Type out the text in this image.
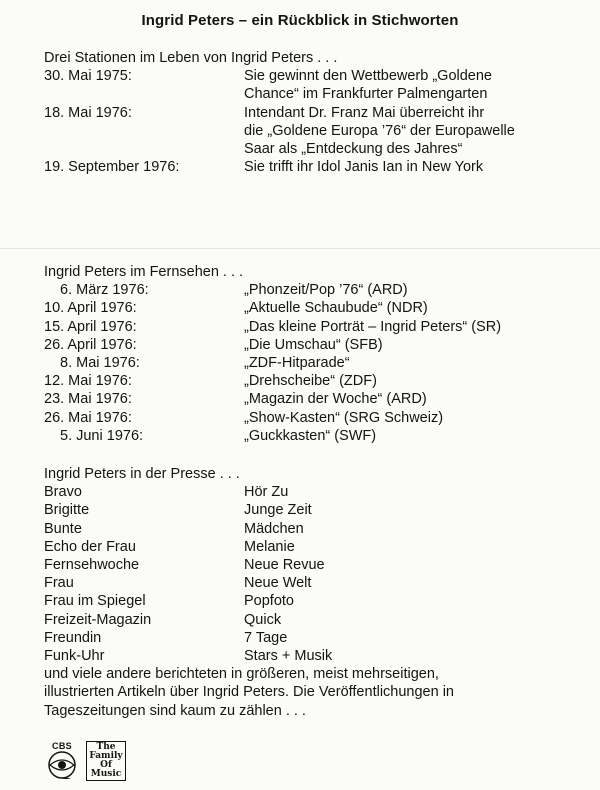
Ingrid Peters – ein Rückblick in Stichworten
Drei Stationen im Leben von Ingrid Peters . . .
30. Mai 1975:	Sie gewinnt den Wettbewerb „Goldene
Chance“ im Frankfurter Palmengarten
18. Mai 1976:	Intendant Dr. Franz Mai überreicht ihr
die „Goldene Europa ’76“ der Europawelle
Saar als „Entdeckung des Jahres“
19. September 1976:	Sie trifft ihr Idol Janis Ian in New York
Ingrid Peters im Fernsehen . . .
6. März 1976:	„Phonzeit/Pop ’76“ (ARD)
10. April 1976:	„Aktuelle Schaubude“ (NDR)
15. April 1976:	„Das kleine Porträt – Ingrid Peters“ (SR)
26. April 1976:	„Die Umschau“ (SFB)
8. Mai 1976:	„ZDF-Hitparade“
12. Mai 1976:	„Drehscheibe“ (ZDF)
23. Mai 1976:	„Magazin der Woche“ (ARD)
26. Mai 1976:	„Show-Kasten“ (SRG Schweiz)
5. Juni 1976:	„Guckkasten“ (SWF)
Ingrid Peters in der Presse . . .
Bravo	Hör Zu
Brigitte	Junge Zeit
Bunte	Mädchen
Echo der Frau	Melanie
Fernsehwoche	Neue Revue
Frau	Neue Welt
Frau im Spiegel	Popfoto
Freizeit-Magazin	Quick
Freundin	7 Tage
Funk-Uhr	Stars + Musik
und viele andere berichteten in größeren, meist mehrseitigen,
illustrierten Artikeln über Ingrid Peters. Die Veröffentlichungen in
Tageszeitungen sind kaum zu zählen . . .
CBS	The
Family
Of
Music
